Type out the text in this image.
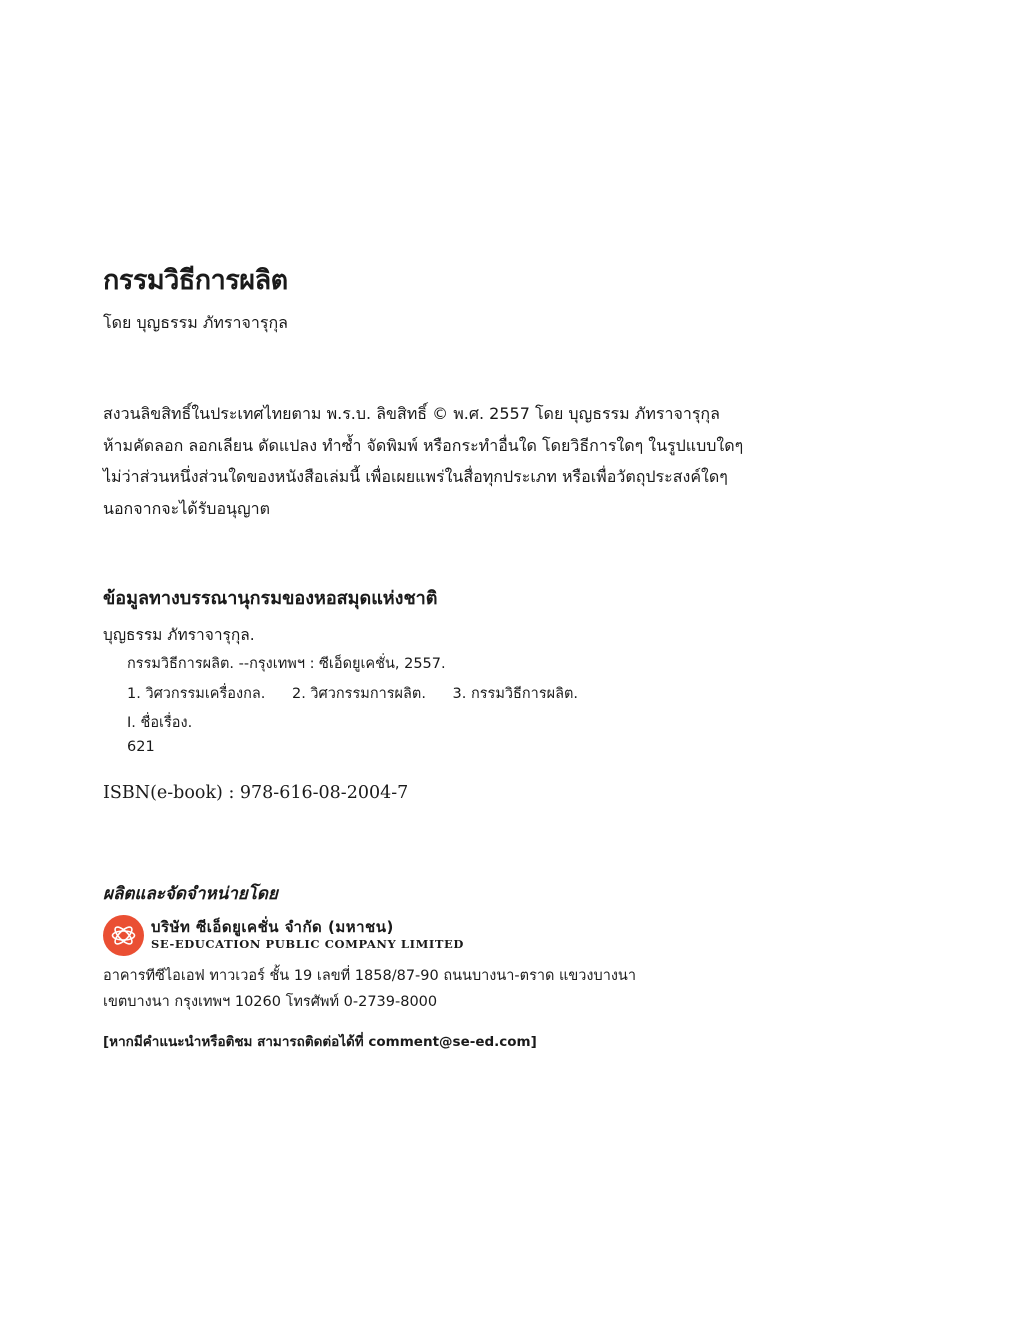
กรรมวิธีการผลิต
โดย บุญธรรม ภัทราจารุกุล
สงวนลิขสิทธิ์ในประเทศไทยตาม พ.ร.บ. ลิขสิทธิ์ © พ.ศ. 2557 โดย บุญธรรม ภัทราจารุกุล
ห้ามคัดลอก ลอกเลียน ดัดแปลง ทำซ้ำ จัดพิมพ์ หรือกระทำอื่นใด โดยวิธีการใดๆ ในรูปแบบใดๆ
ไม่ว่าส่วนหนึ่งส่วนใดของหนังสือเล่มนี้ เพื่อเผยแพร่ในสื่อทุกประเภท หรือเพื่อวัตถุประสงค์ใดๆ
นอกจากจะได้รับอนุญาต
ข้อมูลทางบรรณานุกรมของหอสมุดแห่งชาติ
บุญธรรม ภัทราจารุกุล.
กรรมวิธีการผลิต. --กรุงเทพฯ : ซีเอ็ดยูเคชั่น, 2557.
1. วิศวกรรมเครื่องกล. 2. วิศวกรรมการผลิต. 3. กรรมวิธีการผลิต.
I. ชื่อเรื่อง.
621
ISBN(e-book) : 978-616-08-2004-7
ผลิตและจัดจำหน่ายโดย
บริษัท ซีเอ็ดยูเคชั่น จำกัด (มหาชน)
SE-EDUCATION PUBLIC COMPANY LIMITED
อาคารทีซีไอเอฟ ทาวเวอร์ ชั้น 19 เลขที่ 1858/87-90 ถนนบางนา-ตราด แขวงบางนา
เขตบางนา กรุงเทพฯ 10260 โทรศัพท์ 0-2739-8000
[หากมีคำแนะนำหรือติชม สามารถติดต่อได้ที่ comment@se-ed.com]
